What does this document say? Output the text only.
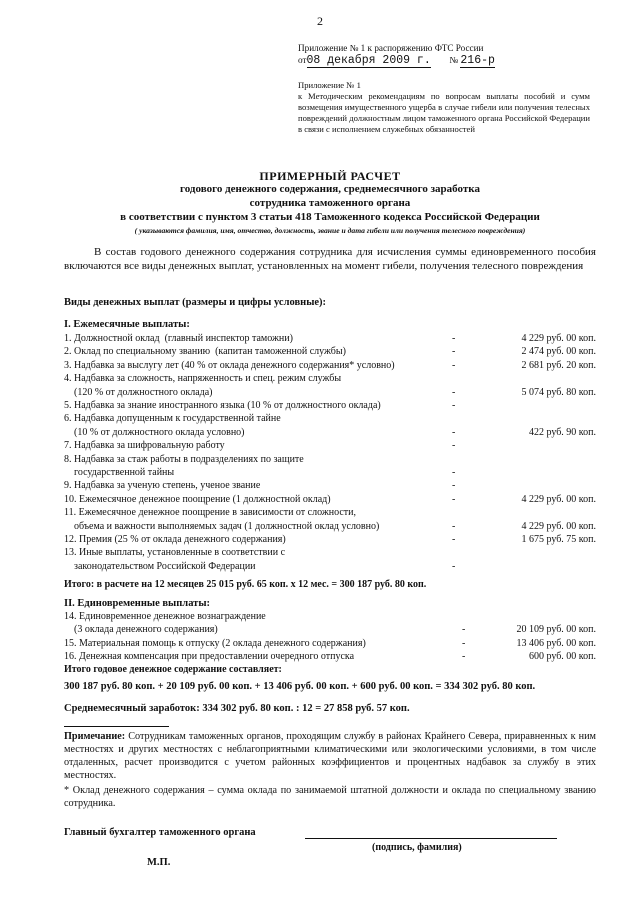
2
Приложение № 1 к распоряжению ФТС России
от08 декабря 2009 г. № 216-р
Приложение № 1
к Методическим рекомендациям по вопросам выплаты пособий и сумм возмещения имущественного ущерба в случае гибели или получения телесных повреждений должностным лицом таможенного органа Российской Федерации в связи с исполнением служебных обязанностей
ПРИМЕРНЫЙ РАСЧЕТ
годового денежного содержания, среднемесячного заработка
сотрудника таможенного органа
в соответствии с пунктом 3 статьи 418 Таможенного кодекса Российской Федерации
( указываются фамилия, имя, отчество, должность, звание и дата гибели или получения телесного повреждения)
В состав годового денежного содержания сотрудника для исчисления суммы единовременного пособия включаются все виды денежных выплат, установленных на момент гибели, получения телесного повреждения
Виды денежных выплат (размеры и цифры условные):
I. Ежемесячные выплаты:
1. Должностной оклад  (главный инспектор таможни)	-	4 229 руб. 00 коп.
2. Оклад по специальному званию  (капитан таможенной службы)	-	2 474 руб. 00 коп.
3. Надбавка за выслугу лет (40 % от оклада денежного содержания* условно)	-	2 681 руб. 20 коп.
4. Надбавка за сложность, напряженность и спец. режим службы
(120 % от должностного оклада)	-	5 074 руб. 80 коп.
5. Надбавка за знание иностранного языка (10 % от должностного оклада)	-
6. Надбавка допущенным к государственной тайне
(10 % от должностного оклада условно)	-	422 руб. 90 коп.
7. Надбавка за шифровальную работу	-
8. Надбавка за стаж работы в подразделениях по защите
государственной тайны	-
9. Надбавка за ученую степень, ученое звание	-
10. Ежемесячное денежное поощрение (1 должностной оклад)	-	4 229 руб. 00 коп.
11. Ежемесячное денежное поощрение в зависимости от сложности,
объема и важности выполняемых задач (1 должностной оклад условно)	-	4 229 руб. 00 коп.
12. Премия (25 % от оклада денежного содержания)	-	1 675 руб. 75 коп.
13. Иные выплаты, установленные в соответствии с
законодательством Российской Федерации	-
Итого: в расчете на 12 месяцев 25 015 руб. 65 коп. х 12 мес. = 300 187 руб. 80 коп.
II. Единовременные выплаты:
14. Единовременное денежное вознаграждение
(3 оклада денежного содержания)	-	20 109 руб. 00 коп.
15. Материальная помощь к отпуску (2 оклада денежного содержания)	-	13 406 руб. 00 коп.
16. Денежная компенсация при предоставлении очередного отпуска	-	600 руб. 00 коп.
Итого годовое денежное содержание составляет:
300 187 руб. 80 коп. + 20 109 руб. 00 коп. + 13 406 руб. 00 коп. + 600 руб. 00 коп. = 334 302 руб. 80 коп.
Среднемесячный заработок: 334 302 руб. 80 коп. : 12 = 27 858 руб. 57 коп.
Примечание: Сотрудникам таможенных органов, проходящим службу в районах Крайнего Севера, приравненных к ним местностях и других местностях с неблагоприятными климатическими или экологическими условиями, в том числе отдаленных, расчет производится с учетом районных коэффициентов и процентных надбавок за службу в этих местностях.
* Оклад денежного содержания – сумма оклада по занимаемой штатной должности и оклада по специальному званию сотрудника.
Главный бухгалтер таможенного органа
(подпись, фамилия)
М.П.
